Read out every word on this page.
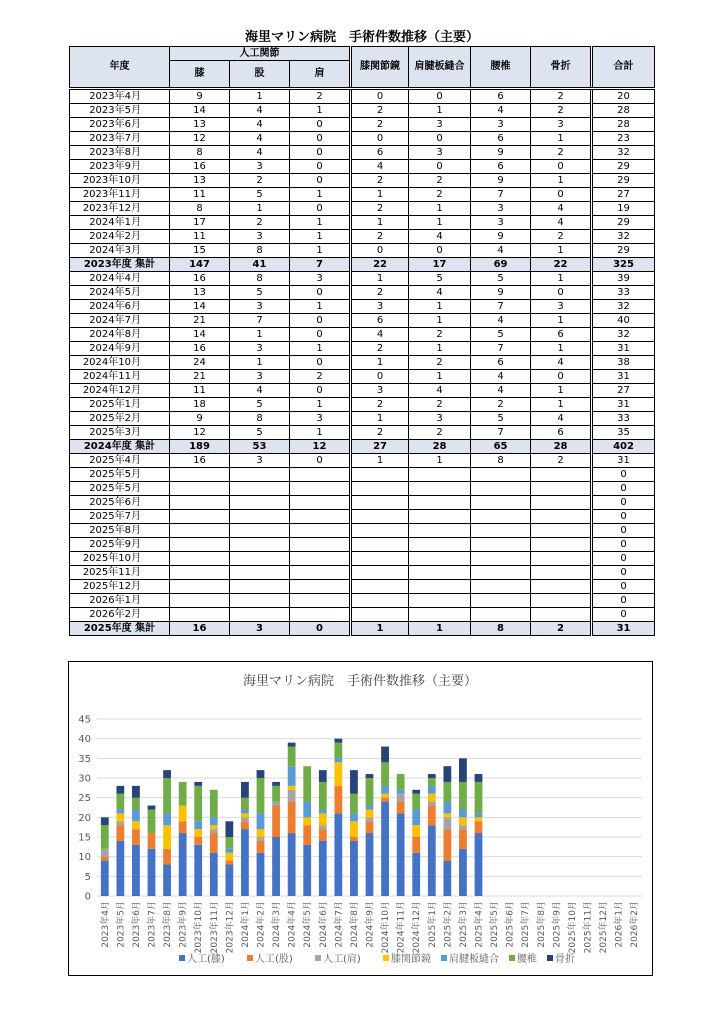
海里マリン病院　手術件数推移（主要）
年度	人工関節				膝関節鏡	肩腱板縫合	腰椎	骨折		合計
	膝	股	肩							
2023年4月	9	1	2		0	0	6	2		20
2023年5月	14	4	1		2	1	4	2		28
2023年6月	13	4	0		2	3	3	3		28
2023年7月	12	4	0		0	0	6	1		23
2023年8月	8	4	0		6	3	9	2		32
2023年9月	16	3	0		4	0	6	0		29
2023年10月	13	2	0		2	2	9	1		29
2023年11月	11	5	1		1	2	7	0		27
2023年12月	8	1	0		2	1	3	4		19
2024年1月	17	2	1		1	1	3	4		29
2024年2月	11	3	1		2	4	9	2		32
2024年3月	15	8	1		0	0	4	1		29
2023年度 集計	147	41	7		22	17	69	22		325
2024年4月	16	8	3		1	5	5	1		39
2024年5月	13	5	0		2	4	9	0		33
2024年6月	14	3	1		3	1	7	3		32
2024年7月	21	7	0		6	1	4	1		40
2024年8月	14	1	0		4	2	5	6		32
2024年9月	16	3	1		2	1	7	1		31
2024年10月	24	1	0		1	2	6	4		38
2024年11月	21	3	2		0	1	4	0		31
2024年12月	11	4	0		3	4	4	1		27
2025年1月	18	5	1		2	2	2	1		31
2025年2月	9	8	3		1	3	5	4		33
2025年3月	12	5	1		2	2	7	6		35
2024年度 集計	189	53	12		27	28	65	28		402
2025年4月	16	3	0		1	1	8	2		31
2025年5月										0
2025年5月										0
2025年6月										0
2025年7月										0
2025年8月										0
2025年9月										0
2025年10月										0
2025年11月										0
2025年12月										0
2026年1月										0
2026年2月										0
2025年度 集計	16	3	0		1	1	8	2		31
海里マリン病院　手術件数推移（主要）
0
5
10
15
20
25
30
35
40
45
2023年4月 2023年5月 2023年6月 2023年7月 2023年8月 2023年9月 2023年10月 2023年11月 2023年12月 2024年1月 2024年2月 2024年3月 2024年4月 2024年5月 2024年6月 2024年7月 2024年8月 2024年9月 2024年10月 2024年11月 2024年12月 2025年1月 2025年2月 2025年3月 2025年4月 2025年5月 2025年6月 2025年7月 2025年8月 2025年9月 2025年10月 2025年11月 2025年12月 2026年1月 2026年2月
人工(膝)	人工(股)	人工(肩)	膝関節鏡 肩腱板縫合 腰椎 骨折
